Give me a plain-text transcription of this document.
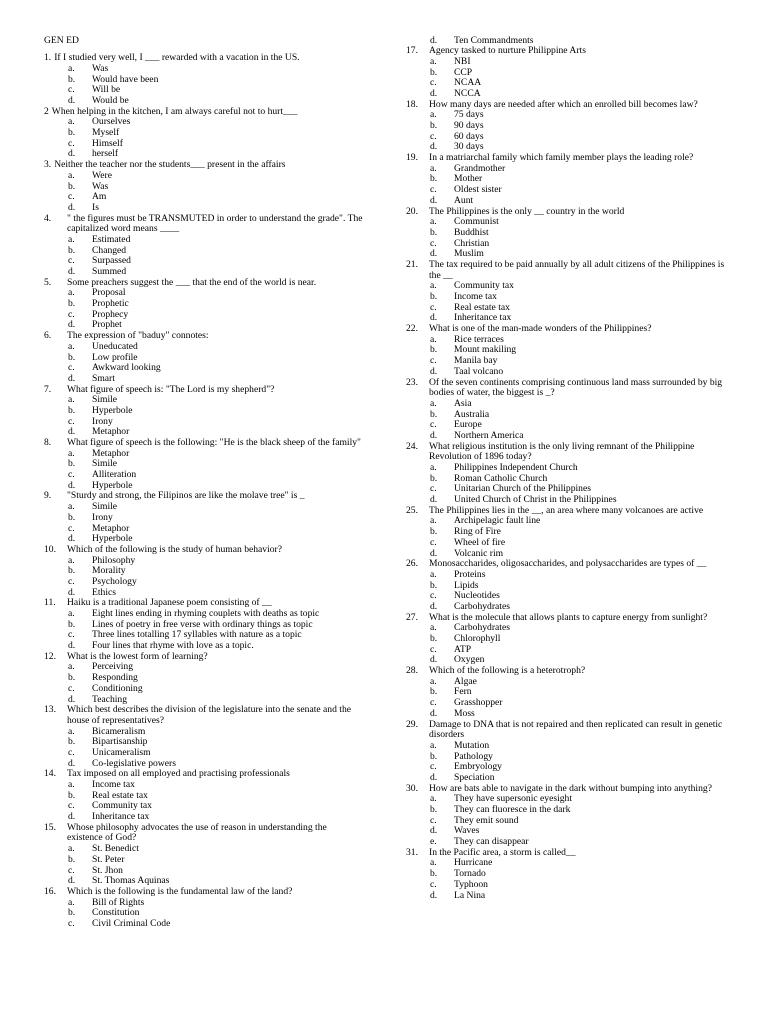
GEN ED
1. If I studied very well, I ___ rewarded with a vacation in the US.
a.	Was
b.	Would have been
c.	Will be
d.	Would be
2 When helping in the kitchen, I am always careful not to hurt___
a.	Ourselves
b.	Myself
c.	Himself
d.	herself
3. Neither the teacher nor the students___ present in the affairs
a.	Were
b.	Was
c.	Am
d.	Is
4.	" the figures must be TRANSMUTED in order to understand the grade". The capitalized word means ____
a.	Estimated
b.	Changed
c.	Surpassed
d.	Summed
5.	Some preachers suggest the ___ that the end of the world is near.
a.	Proposal
b.	Prophetic
c.	Prophecy
d.	Prophet
6.	The expression of "baduy" connotes:
a.	Uneducated
b.	Low profile
c.	Awkward looking
d.	Smart
7.	What figure of speech is: "The Lord is my shepherd"?
a.	Simile
b.	Hyperbole
c.	Irony
d.	Metaphor
8.	What figure of speech is the following: "He is the black sheep of the family"
a.	Metaphor
b.	Simile
c.	Alliteration
d.	Hyperbole
9.	"Sturdy and strong, the Filipinos are like the molave tree" is _
a.	Simile
b.	Irony
c.	Metaphor
d.	Hyperbole
10.	Which of the following is the study of human behavior?
a.	Philosophy
b.	Morality
c.	Psychology
d.	Ethics
11.	Haiku is a traditional Japanese poem consisting of __
a.	Eight lines ending in rhyming couplets with deaths as topic
b.	Lines of poetry in free verse with ordinary things as topic
c.	Three lines totalling 17 syllables with nature as a topic
d.	Four lines that rhyme with love as a topic.
12.	What is the lowest form of learning?
a.	Perceiving
b.	Responding
c.	Conditioning
d.	Teaching
13.	Which best describes the division of the legislature into the senate and the house of representatives?
a.	Bicameralism
b.	Bipartisanship
c.	Unicameralism
d.	Co-legislative powers
14.	Tax imposed on all employed and practising professionals
a.	Income tax
b.	Real estate tax
c.	Community tax
d.	Inheritance tax
15.	Whose philosophy advocates the use of reason in understanding the existence of God?
a.	St. Benedict
b.	St. Peter
c.	St. Jhon
d.	St. Thomas Aquinas
16.	Which is the following is the fundamental law of the land?
a.	Bill of Rights
b.	Constitution
c.	Civil Criminal Code
d.	Ten Commandments
17.	Agency tasked to nurture Philippine Arts
a.	NBI
b.	CCP
c.	NCAA
d.	NCCA
18.	How many days are needed after which an enrolled bill becomes law?
a.	75 days
b.	90 days
c.	60 days
d.	30 days
19.	In a matriarchal family which family member plays the leading role?
a.	Grandmother
b.	Mother
c.	Oldest sister
d.	Aunt
20.	The Philippines is the only __ country in the world
a.	Communist
b.	Buddhist
c.	Christian
d.	Muslim
21.	The tax required to be paid annually by all adult citizens of the Philippines is the __
a.	Community tax
b.	Income tax
c.	Real estate tax
d.	Inheritance tax
22.	What is one of the man-made wonders of the Philippines?
a.	Rice terraces
b.	Mount makiling
c.	Manila bay
d.	Taal volcano
23.	Of the seven continents comprising continuous land mass surrounded by big bodies of water, the biggest is _?
a.	Asia
b.	Australia
c.	Europe
d.	Northern America
24.	What religious institution is the only living remnant of the Philippine Revolution of 1896 today?
a.	Philippines Independent Church
b.	Roman Catholic Church
c.	Unitarian Church of the Philippines
d.	United Church of Christ in the Philippines
25.	The Philippines lies in the __, an area where many volcanoes are active
a.	Archipelagic fault line
b.	Ring of Fire
c.	Wheel of fire
d.	Volcanic rim
26.	Monosaccharides, oligosaccharides, and polysaccharides are types of __
a.	Proteins
b.	Lipids
c.	Nucleotides
d.	Carbohydrates
27.	What is the molecule that allows plants to capture energy from sunlight?
a.	Carbohydrates
b.	Chlorophyll
c.	ATP
d.	Oxygen
28.	Which of the following is a heterotroph?
a.	Algae
b.	Fern
c.	Grasshopper
d.	Moss
29.	Damage to DNA that is not repaired and then replicated can result in genetic disorders
a.	Mutation
b.	Pathology
c.	Embryology
d.	Speciation
30.	How are bats able to navigate in the dark without bumping into anything?
a.	They have supersonic eyesight
b.	They can fluoresce in the dark
c.	They emit sound
d.	Waves
e.	They can disappear
31.	In the Pacific area, a storm is called__
a.	Hurricane
b.	Tornado
c.	Typhoon
d.	La Nina
